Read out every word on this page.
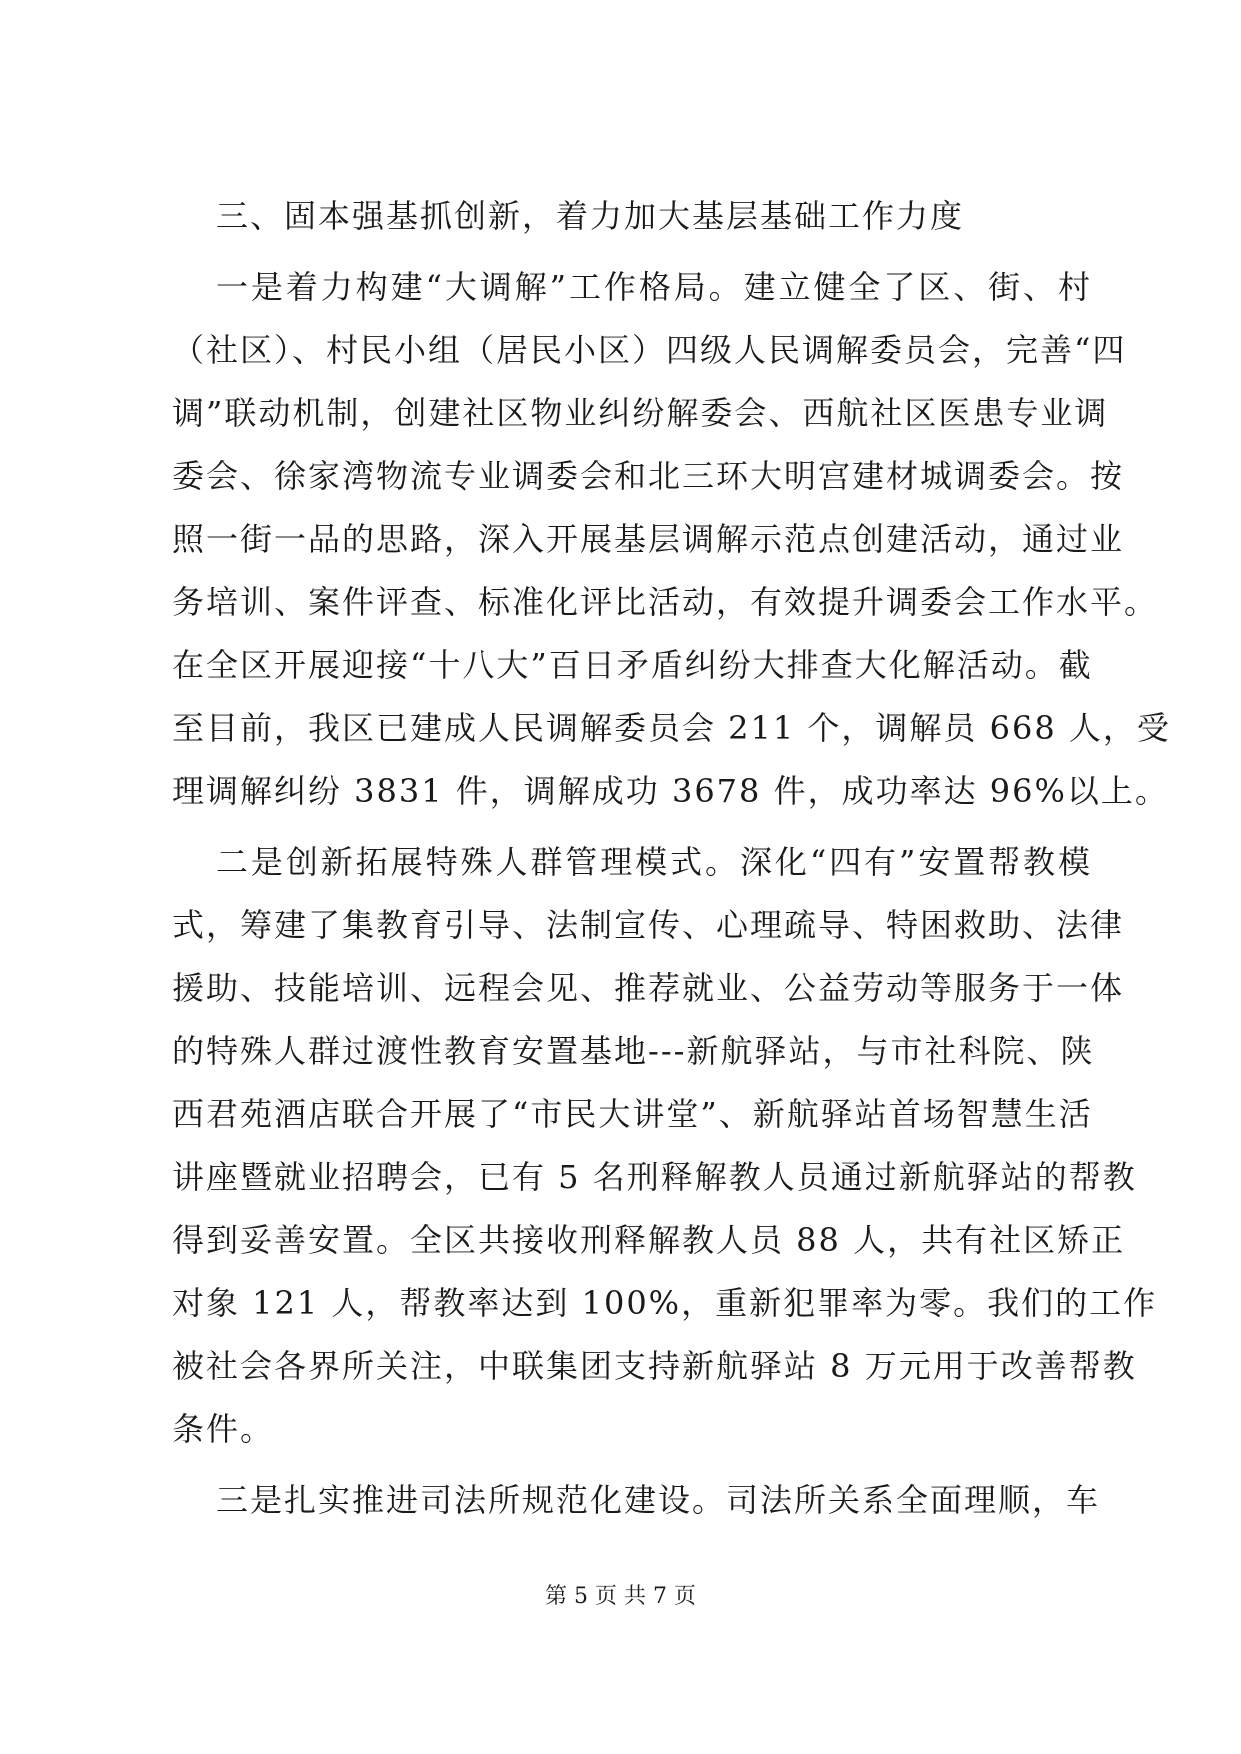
三、固本强基抓创新，着力加大基层基础工作力度
一是着力构建“大调解”工作格局。建立健全了区、街、村
（社区）、村民小组（居民小区）四级人民调解委员会，完善“四
调”联动机制，创建社区物业纠纷解委会、西航社区医患专业调
委会、徐家湾物流专业调委会和北三环大明宫建材城调委会。按
照一街一品的思路，深入开展基层调解示范点创建活动，通过业
务培训、案件评查、标准化评比活动，有效提升调委会工作水平。
在全区开展迎接“十八大”百日矛盾纠纷大排查大化解活动。截
至目前，我区已建成人民调解委员会 211 个，调解员 668 人，受
理调解纠纷 3831 件，调解成功 3678 件，成功率达 96%以上。
二是创新拓展特殊人群管理模式。深化“四有”安置帮教模
式，筹建了集教育引导、法制宣传、心理疏导、特困救助、法律
援助、技能培训、远程会见、推荐就业、公益劳动等服务于一体
的特殊人群过渡性教育安置基地---新航驿站，与市社科院、陕
西君苑酒店联合开展了“市民大讲堂”、新航驿站首场智慧生活
讲座暨就业招聘会，已有 5 名刑释解教人员通过新航驿站的帮教
得到妥善安置。全区共接收刑释解教人员 88 人，共有社区矫正
对象 121 人，帮教率达到 100%，重新犯罪率为零。我们的工作
被社会各界所关注，中联集团支持新航驿站 8 万元用于改善帮教
条件。
三是扎实推进司法所规范化建设。司法所关系全面理顺，车
第 5 页 共 7 页
